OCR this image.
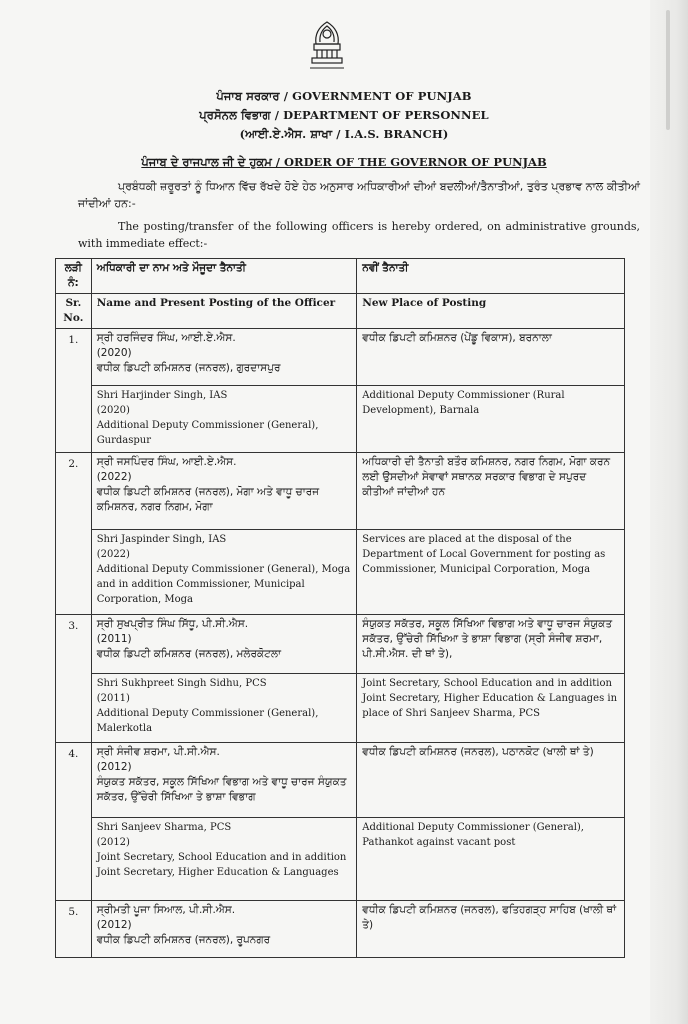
ਪੰਜਾਬ ਸਰਕਾਰ / GOVERNMENT OF PUNJAB
ਪ੍ਰਸੋਨਲ ਵਿਭਾਗ / DEPARTMENT OF PERSONNEL
(ਆਈ.ਏ.ਐਸ. ਸ਼ਾਖਾ / I.A.S. BRANCH)
ਪੰਜਾਬ ਦੇ ਰਾਜਪਾਲ ਜੀ ਦੇ ਹੁਕਮ / ORDER OF THE GOVERNOR OF PUNJAB
ਪ੍ਰਬੰਧਕੀ ਜ਼ਰੂਰਤਾਂ ਨੂੰ ਧਿਆਨ ਵਿੱਚ ਰੱਖਦੇ ਹੋਏ ਹੇਠ ਅਨੁਸਾਰ ਅਧਿਕਾਰੀਆਂ ਦੀਆਂ ਬਦਲੀਆਂ/ਤੈਨਾਤੀਆਂ, ਤੁਰੰਤ ਪ੍ਰਭਾਵ ਨਾਲ ਕੀਤੀਆਂ ਜਾਂਦੀਆਂ ਹਨ:-
The posting/transfer of the following officers is hereby ordered, on administrative grounds, with immediate effect:-
ਲੜੀ ਨੰ:	ਅਧਿਕਾਰੀ ਦਾ ਨਾਮ ਅਤੇ ਮੌਜੂਦਾ ਤੈਨਾਤੀ	ਨਵੀਂ ਤੈਨਾਤੀ
Sr. No.	Name and Present Posting of the Officer	New Place of Posting
1.	ਸ੍ਰੀ ਹਰਜਿੰਦਰ ਸਿੰਘ, ਆਈ.ਏ.ਐਸ.
(2020)
ਵਧੀਕ ਡਿਪਟੀ ਕਮਿਸ਼ਨਰ (ਜਨਰਲ), ਗੁਰਦਾਸਪੁਰ	ਵਧੀਕ ਡਿਪਟੀ ਕਮਿਸ਼ਨਰ (ਪੇਂਡੂ ਵਿਕਾਸ), ਬਰਨਾਲਾ

	Shri Harjinder Singh, IAS
(2020)
Additional Deputy Commissioner (General), Gurdaspur	Additional Deputy Commissioner (Rural Development), Barnala
2.	ਸ੍ਰੀ ਜਸਪਿੰਦਰ ਸਿੰਘ, ਆਈ.ਏ.ਐਸ.
(2022)
ਵਧੀਕ ਡਿਪਟੀ ਕਮਿਸ਼ਨਰ (ਜਨਰਲ), ਮੋਗਾ ਅਤੇ ਵਾਧੂ ਚਾਰਜ ਕਮਿਸ਼ਨਰ, ਨਗਰ ਨਿਗਮ, ਮੋਗਾ	ਅਧਿਕਾਰੀ ਦੀ ਤੈਨਾਤੀ ਬਤੌਰ ਕਮਿਸ਼ਨਰ, ਨਗਰ ਨਿਗਮ, ਮੋਗਾ ਕਰਨ ਲਈ ਉਸਦੀਆਂ ਸੇਵਾਵਾਂ ਸਥਾਨਕ ਸਰਕਾਰ ਵਿਭਾਗ ਦੇ ਸਪੁਰਦ ਕੀਤੀਆਂ ਜਾਂਦੀਆਂ ਹਨ

	Shri Jaspinder Singh, IAS
(2022)
Additional Deputy Commissioner (General), Moga and in addition Commissioner, Municipal Corporation, Moga	Services are placed at the disposal of the Department of Local Government for posting as Commissioner, Municipal Corporation, Moga
3.	ਸ੍ਰੀ ਸੁਖਪ੍ਰੀਤ ਸਿੰਘ ਸਿੱਧੂ, ਪੀ.ਸੀ.ਐਸ.
(2011)
ਵਧੀਕ ਡਿਪਟੀ ਕਮਿਸ਼ਨਰ (ਜਨਰਲ), ਮਲੇਰਕੋਟਲਾ	ਸੰਯੁਕਤ ਸਕੱਤਰ, ਸਕੂਲ ਸਿੱਖਿਆ ਵਿਭਾਗ ਅਤੇ ਵਾਧੂ ਚਾਰਜ ਸੰਯੁਕਤ ਸਕੱਤਰ, ਉੱਚੇਰੀ ਸਿੱਖਿਆ ਤੇ ਭਾਸ਼ਾ ਵਿਭਾਗ (ਸ੍ਰੀ ਸੰਜੀਵ ਸ਼ਰਮਾ, ਪੀ.ਸੀ.ਐਸ. ਦੀ ਥਾਂ ਤੇ),

	Shri Sukhpreet Singh Sidhu, PCS
(2011)
Additional Deputy Commissioner (General), Malerkotla	Joint Secretary, School Education and in addition Joint Secretary, Higher Education & Languages in place of Shri Sanjeev Sharma, PCS
4.	ਸ੍ਰੀ ਸੰਜੀਵ ਸ਼ਰਮਾ, ਪੀ.ਸੀ.ਐਸ.
(2012)
ਸੰਯੁਕਤ ਸਕੱਤਰ, ਸਕੂਲ ਸਿੱਖਿਆ ਵਿਭਾਗ ਅਤੇ ਵਾਧੂ ਚਾਰਜ ਸੰਯੁਕਤ ਸਕੱਤਰ, ਉੱਚੇਰੀ ਸਿੱਖਿਆ ਤੇ ਭਾਸ਼ਾ ਵਿਭਾਗ	ਵਧੀਕ ਡਿਪਟੀ ਕਮਿਸ਼ਨਰ (ਜਨਰਲ), ਪਠਾਨਕੋਟ (ਖਾਲੀ ਥਾਂ ਤੇ)

	Shri Sanjeev Sharma, PCS
(2012)
Joint Secretary, School Education and in addition Joint Secretary, Higher Education & Languages	Additional Deputy Commissioner (General), Pathankot against vacant post
5.	ਸ੍ਰੀਮਤੀ ਪੂਜਾ ਸਿਆਲ, ਪੀ.ਸੀ.ਐਸ.
(2012)
ਵਧੀਕ ਡਿਪਟੀ ਕਮਿਸ਼ਨਰ (ਜਨਰਲ), ਰੂਪਨਗਰ	ਵਧੀਕ ਡਿਪਟੀ ਕਮਿਸ਼ਨਰ (ਜਨਰਲ), ਫਤਿਹਗੜ੍ਹ ਸਾਹਿਬ (ਖਾਲੀ ਥਾਂ ਤੇ)
